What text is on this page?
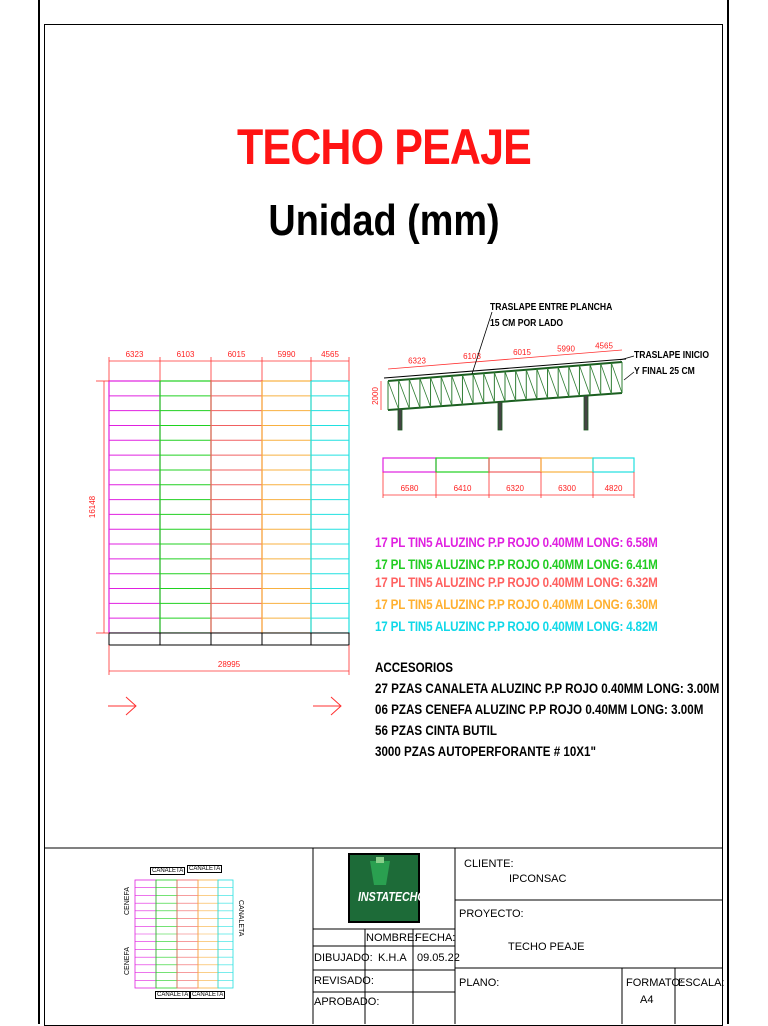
TECHO PEAJE
Unidad (mm)
6323	6103	6015	5990	4565
16148
28995
6323	6103	6015	5990	4565
2000
6580	6410	6320	6300	4820
TRASLAPE ENTRE PLANCHA
15 CM POR LADO
TRASLAPE INICIO
Y FINAL 25 CM
17 PL TIN5 ALUZINC P.P ROJO 0.40MM LONG: 6.58M
17 PL TIN5 ALUZINC P.P ROJO 0.40MM LONG: 6.41M
17 PL TIN5 ALUZINC P.P ROJO 0.40MM LONG: 6.32M
17 PL TIN5 ALUZINC P.P ROJO 0.40MM LONG: 6.30M
17 PL TIN5 ALUZINC P.P ROJO 0.40MM LONG: 4.82M
ACCESORIOS
27 PZAS CANALETA ALUZINC P.P ROJO 0.40MM LONG: 3.00M
06 PZAS CENEFA ALUZINC P.P ROJO 0.40MM LONG: 3.00M
56 PZAS CINTA BUTIL
3000 PZAS AUTOPERFORANTE # 10X1"
INSTATECHO
CLIENTE:
IPCONSAC
PROYECTO:
TECHO PEAJE
NOMBRE:
FECHA:
DIBUJADO: K.H.A 09.05.22
REVISADO:
APROBADO:
PLANO:	FORMATO:
A4
ESCALA:
CANALETA CANALETA
CANALETA CANALETA
CENEFA
CENEFA
CANALETA
